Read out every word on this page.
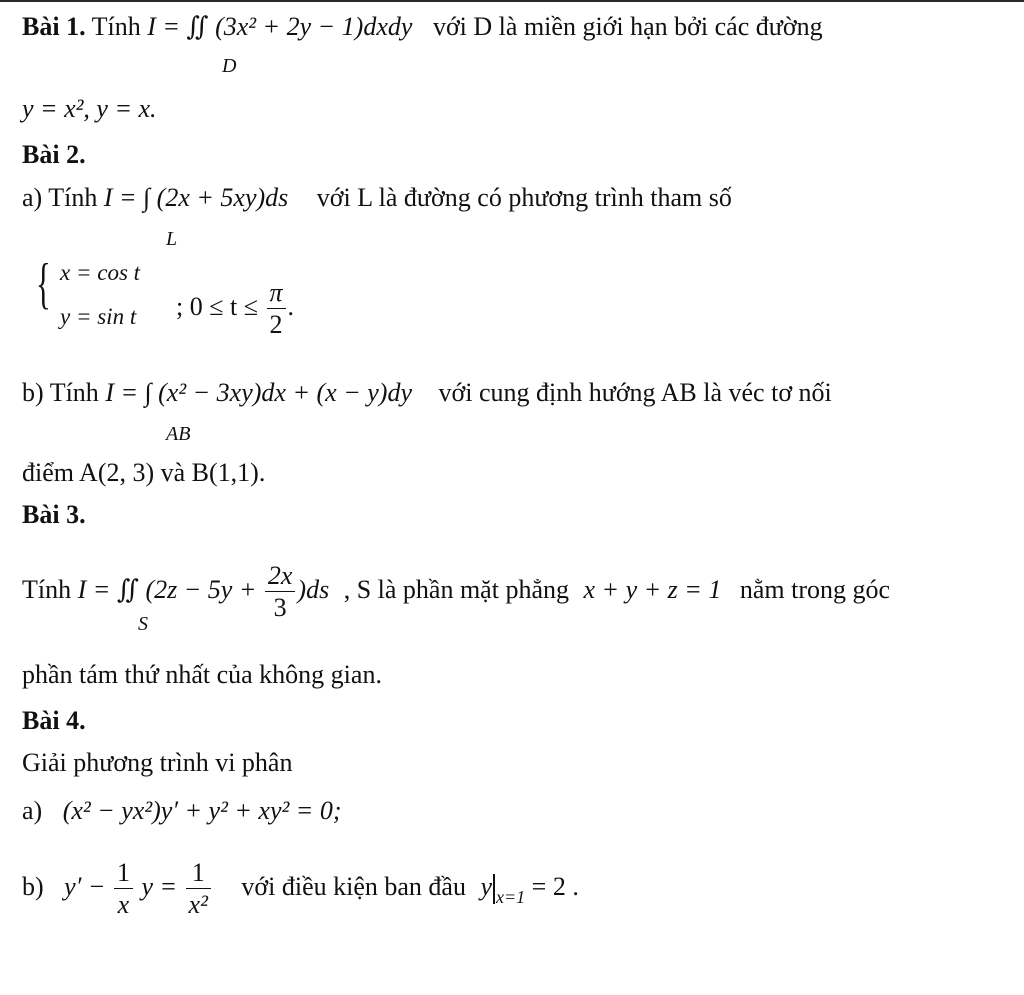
Bài 1. Tính I = ∬ (3x² + 2y − 1)dxdy với D là miền giới hạn bởi các đường
D
y = x², y = x.
Bài 2.
a) Tính I = ∫ (2x + 5xy)ds với L là đường có phương trình tham số
L
{ x = cos t
y = sin t ; $0 \le t \le \frac{\pi}{2}$ .
b) Tính I = ∫ (x² − 3xy)dx + (x − y)dy với cung định hướng AB là véc tơ nối
AB
điểm A(2, 3) và B(1,1).
Bài 3.
Tính I = ∬ $(2z - 5y + \frac{2x}{3} )ds$ , S là phần mặt phẳng x + y + z = 1 nằm trong góc
S
phần tám thứ nhất của không gian.
Bài 4.
Giải phương trình vi phân
a) (x² − yx²)y′ + y² + xy² = 0;
b) $y' - \frac{1}{x}$ $y = \frac{1}{\text{x²}}$ với điều kiện ban đầu y $_{x=1}$ = 2 .
